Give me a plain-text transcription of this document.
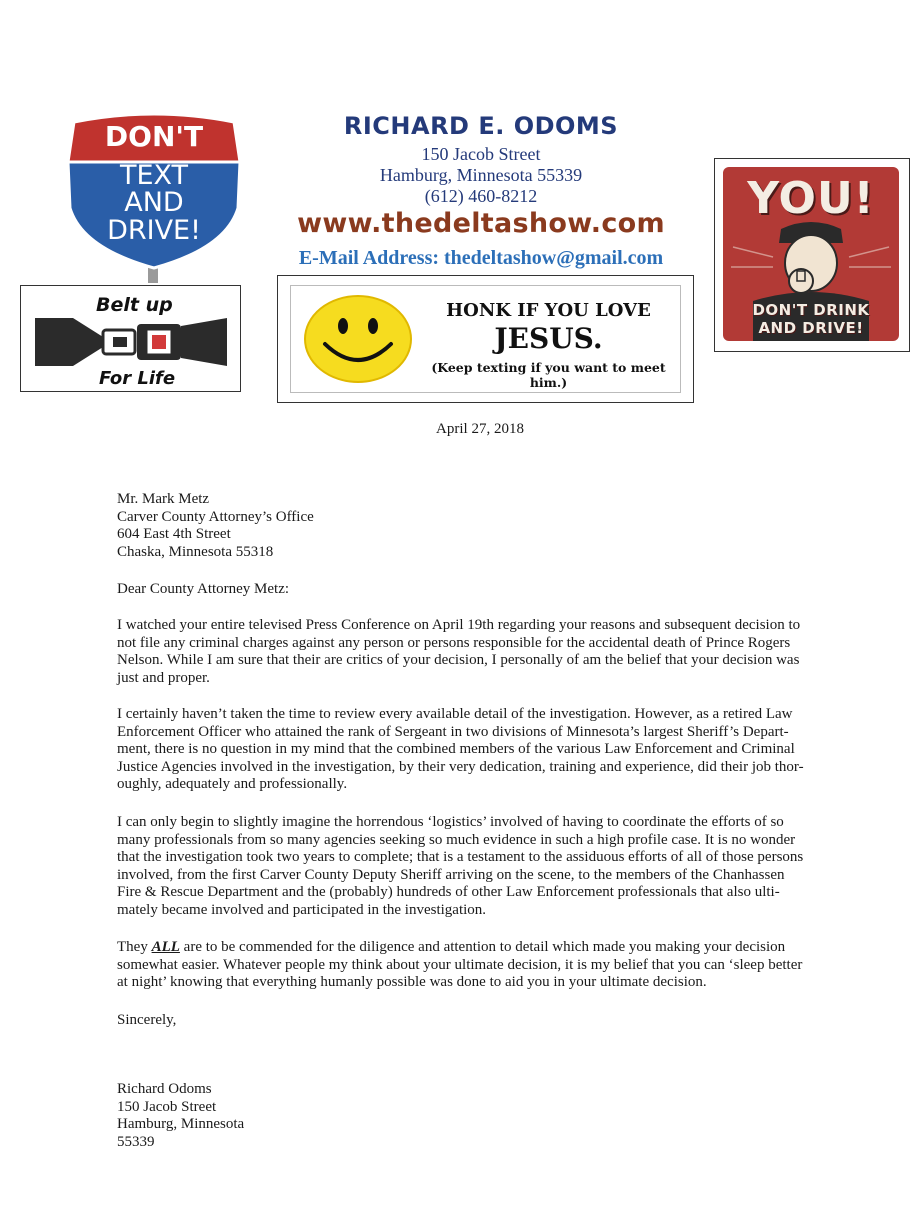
RICHARD E. ODOMS
150 Jacob Street
Hamburg, Minnesota 55339
(612) 460-8212
www.thedeltashow.com
E-Mail Address: thedeltashow@gmail.com
DON'T
TEXT
AND
DRIVE!
Belt up
For Life
HONK IF YOU LOVE
JESUS.
(Keep texting if you want to meet him.)
YOU!
DON'T DRINK
AND DRIVE!
April 27, 2018
Mr. Mark Metz
Carver County Attorney’s Office
604 East 4th Street
Chaska, Minnesota 55318
Dear County Attorney Metz:
I watched your entire televised Press Conference on April 19th regarding your reasons and subsequent decision to
not file any criminal charges against any person or persons responsible for the accidental death of Prince Rogers
Nelson. While I am sure that their are critics of your decision, I personally of am the belief that your decision was
just and proper.
I certainly haven’t taken the time to review every available detail of the investigation. However, as a retired Law
Enforcement Officer who attained the rank of Sergeant in two divisions of Minnesota’s largest Sheriff’s Depart-
ment, there is no question in my mind that the combined members of the various Law Enforcement and Criminal
Justice Agencies involved in the investigation, by their very dedication, training and experience, did their job thor-
oughly, adequately and professionally.
I can only begin to slightly imagine the horrendous ‘logistics’ involved of having to coordinate the efforts of so
many professionals from so many agencies seeking so much evidence in such a high profile case. It is no wonder
that the investigation took two years to complete; that is a testament to the assiduous efforts of all of those persons
involved, from the first Carver County Deputy Sheriff arriving on the scene, to the members of the Chanhassen
Fire & Rescue Department and the (probably) hundreds of other Law Enforcement professionals that also ulti-
mately became involved and participated in the investigation.
They ALL are to be commended for the diligence and attention to detail which made you making your decision
somewhat easier. Whatever people my think about your ultimate decision, it is my belief that you can ‘sleep better
at night’ knowing that everything humanly possible was done to aid you in your ultimate decision.
Sincerely,
Richard Odoms
150 Jacob Street
Hamburg, Minnesota
55339
